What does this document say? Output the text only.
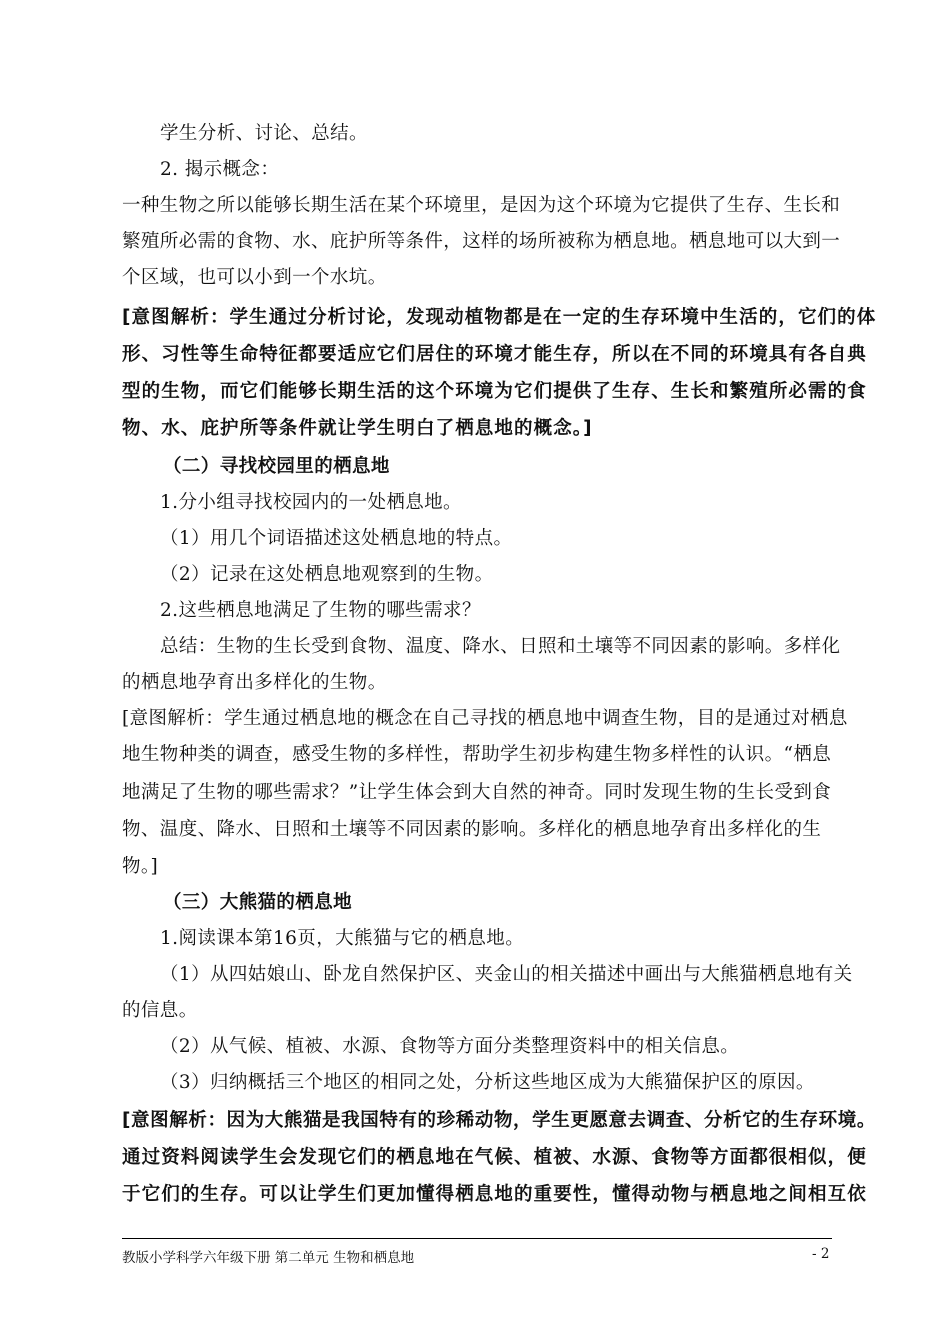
学生分析、讨论、总结。
2. 揭示概念：
一种生物之所以能够长期生活在某个环境里，是因为这个环境为它提供了生存、生长和
繁殖所必需的食物、水、庇护所等条件，这样的场所被称为栖息地。栖息地可以大到一
个区域，也可以小到一个水坑。
[意图解析：学生通过分析讨论，发现动植物都是在一定的生存环境中生活的，它们的体
形、习性等生命特征都要适应它们居住的环境才能生存，所以在不同的环境具有各自典
型的生物，而它们能够长期生活的这个环境为它们提供了生存、生长和繁殖所必需的食
物、水、庇护所等条件就让学生明白了栖息地的概念。]
（二）寻找校园里的栖息地
1.分小组寻找校园内的一处栖息地。
（1）用几个词语描述这处栖息地的特点。
（2）记录在这处栖息地观察到的生物。
2.这些栖息地满足了生物的哪些需求？
总结：生物的生长受到食物、温度、降水、日照和土壤等不同因素的影响。多样化
的栖息地孕育出多样化的生物。
[意图解析：学生通过栖息地的概念在自己寻找的栖息地中调查生物，目的是通过对栖息
地生物种类的调查，感受生物的多样性，帮助学生初步构建生物多样性的认识。“栖息
地满足了生物的哪些需求？”让学生体会到大自然的神奇。同时发现生物的生长受到食
物、温度、降水、日照和土壤等不同因素的影响。多样化的栖息地孕育出多样化的生
物。]
（三）大熊猫的栖息地
1.阅读课本第16页，大熊猫与它的栖息地。
（1）从四姑娘山、卧龙自然保护区、夹金山的相关描述中画出与大熊猫栖息地有关
的信息。
（2）从气候、植被、水源、食物等方面分类整理资料中的相关信息。
（3）归纳概括三个地区的相同之处，分析这些地区成为大熊猫保护区的原因。
[意图解析：因为大熊猫是我国特有的珍稀动物，学生更愿意去调查、分析它的生存环境。
通过资料阅读学生会发现它们的栖息地在气候、植被、水源、食物等方面都很相似，便
于它们的生存。可以让学生们更加懂得栖息地的重要性，懂得动物与栖息地之间相互依
教版小学科学六年级下册 第二单元 生物和栖息地	- 2
